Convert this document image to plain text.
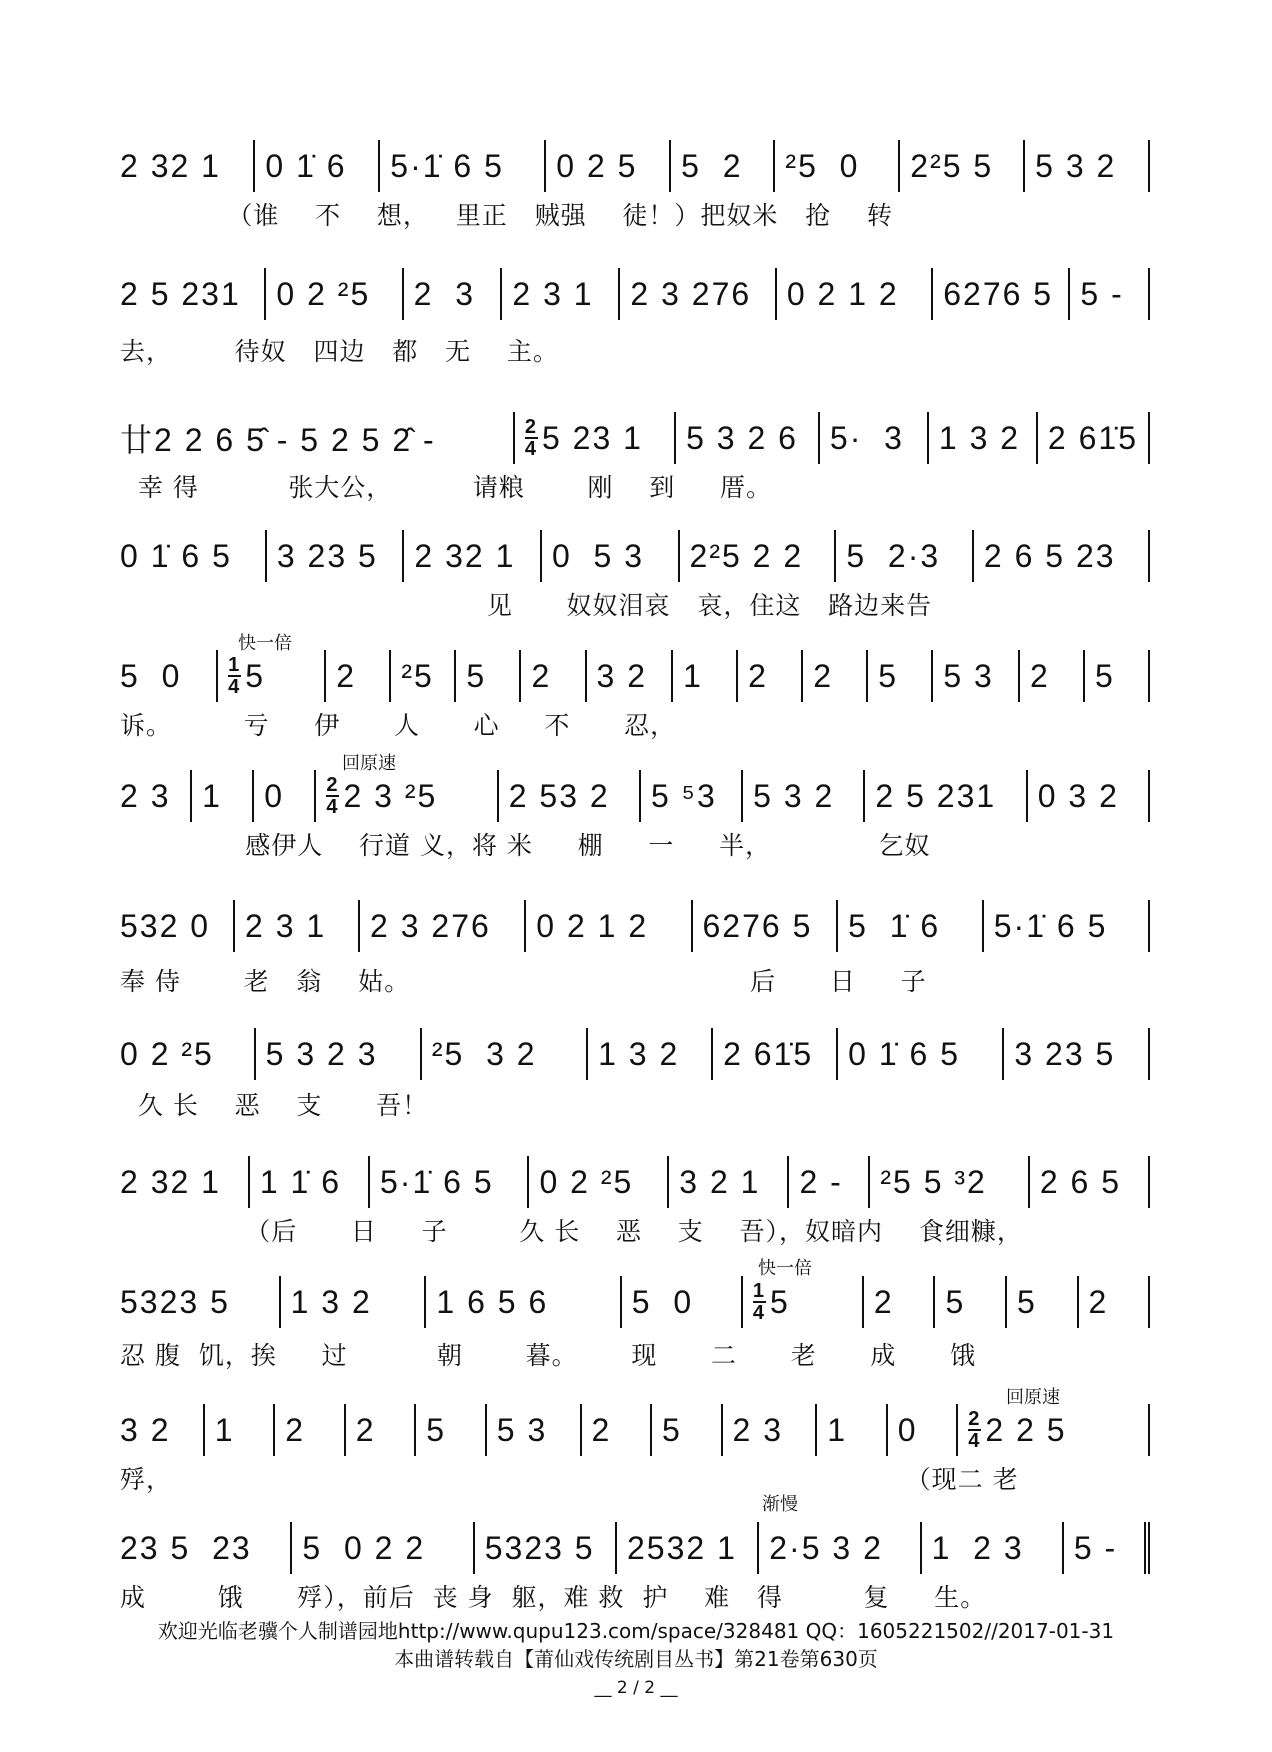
2 32 1 0 1̇ 6 5·1̇ 6 5 0 2 5 5  2 ²5  0 2²5 5 5 3 2
（谁    不    想，   里正   贼强    徒！）把奴米   抢    转
2 5 231 0 2 ²5 2  3 2 3 1 2 3 276 0 2 1 2 6276 5 5 -
去，       待奴   四边   都   无    主。
廿2 2 6 5̂ - 5 2 5 2̂ -	$\frac{2}{4} 5$ 23 1 5 3 2 6 5·  3 1 3 2 2 61̇5
幸 得          张大公，         请粮       刚    到     厝。
0 1̇ 6 5 3 23 5 2 32 1 0  5 3 2²5 2 2 5  2·3 2 6 5 23
见      奴奴泪哀   哀，住这   路边来告
5  $0 \frac{1}{4} 5$ 2 ²5 5 2 3 2 1 2 2 5 5 3 2 5
诉。        亏     伊      人      心     不      忍，
2 3 1 $0 \frac{2}{4} 2$ 3 ²5 2 53 2 5 ⁵3 5 3 2 2 5 231 0 3 2
感伊人    行道 义，将 米     棚     一     半，            乞奴
532 0 2 3 1 2 3 276 0 2 1 2 6276 5 5  1̇ 6 5·1̇ 6 5
奉 侍       老   翁    姑。                                      后      日     子
0 2 ²5 5 3 2 3 ²5  3 2 1 3 2 2 61̇5 0 1̇ 6 5 3 23 5
久 长    恶    支      吾！
2 32 1 1 1̇ 6 5·1̇ 6 5 0 2 ²5 3 2 1 2 - ²5 5 ³2 2 6 5
（后      日     子        久 长    恶    支    吾），奴暗内    食细糠，
5323 5 1 3 2 1 6 5 6	5  0	$\frac{1}{4} 5$	2 5 5 2
忍 腹  饥，挨     过          朝       暮。      现      二      老      成      饿
3 2 1 2 2 5 5 3 2 5 2 3 1 0	$\frac{2}{4} 2$ 2 5
殍，                                                                                  （现二 老
23 5  23 5  0 2 2 5323 5 2532 1 2·5 3 2 1  2 3 5 -
成        饿      殍），前后  丧 身  躯，难 救  护    难   得         复     生。
快一倍
回原速
快一倍
回原速
渐慢
欢迎光临老骥个人制谱园地http://www.qupu123.com/space/328481 QQ：1605221502//2017-01-31
本曲谱转载自【莆仙戏传统剧目丛书】第21卷第630页
__ 2 / 2 __
